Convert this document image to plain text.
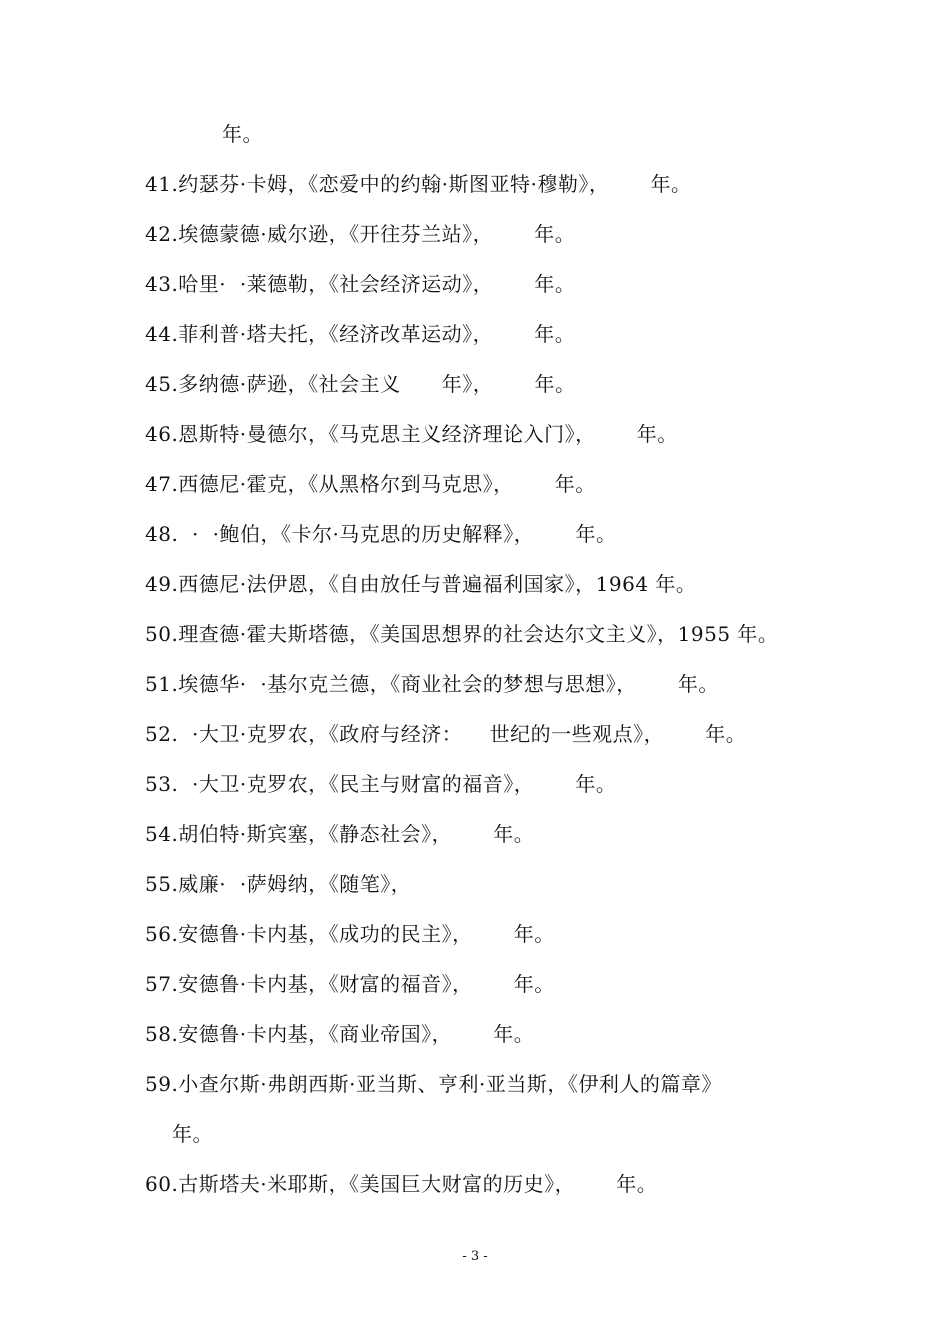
年。
41.约瑟芬·卡姆，《恋爱中的约翰·斯图亚特·穆勒》，      年。
42.埃德蒙德·威尔逊，《开往芬兰站》，      年。
43.哈里·  ·莱德勒，《社会经济运动》，      年。
44.菲利普·塔夫托，《经济改革运动》，      年。
45.多纳德·萨逊，《社会主义      年》，      年。
46.恩斯特·曼德尔，《马克思主义经济理论入门》，      年。
47.西德尼·霍克，《从黑格尔到马克思》，      年。
48.  ·  ·鲍伯，《卡尔·马克思的历史解释》，      年。
49.西德尼·法伊恩，《自由放任与普遍福利国家》，1964 年。
50.理查德·霍夫斯塔德，《美国思想界的社会达尔文主义》，1955 年。
51.埃德华·  ·基尔克兰德，《商业社会的梦想与思想》，      年。
52.  ·大卫·克罗农，《政府与经济：    世纪的一些观点》，      年。
53.  ·大卫·克罗农，《民主与财富的福音》，      年。
54.胡伯特·斯宾塞，《静态社会》，      年。
55.威廉·  ·萨姆纳，《随笔》，
56.安德鲁·卡内基，《成功的民主》，      年。
57.安德鲁·卡内基，《财富的福音》，      年。
58.安德鲁·卡内基，《商业帝国》，      年。
59.小查尔斯·弗朗西斯·亚当斯、亨利·亚当斯，《伊利人的篇章》
年。
60.古斯塔夫·米耶斯，《美国巨大财富的历史》，      年。
- 3 -
